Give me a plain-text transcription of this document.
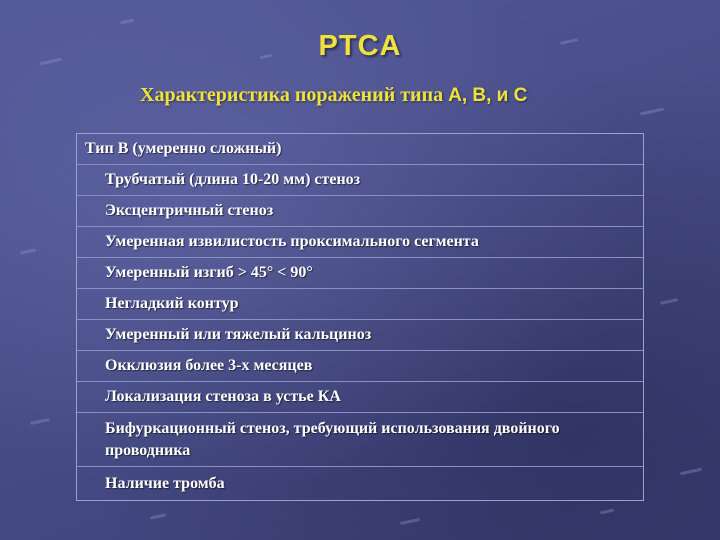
PTCA
Характеристика поражений типа A, B, и C
Тип В (умеренно сложный)
Трубчатый (длина 10-20 мм) стеноз
Эксцентричный стеноз
Умеренная извилистость проксимального сегмента
Умеренный изгиб > 45° < 90°
Негладкий контур
Умеренный или тяжелый кальциноз
Окклюзия более 3-х месяцев
Локализация стеноза в устье КА
Бифуркационный стеноз, требующий использования двойного проводника
Наличие тромба
